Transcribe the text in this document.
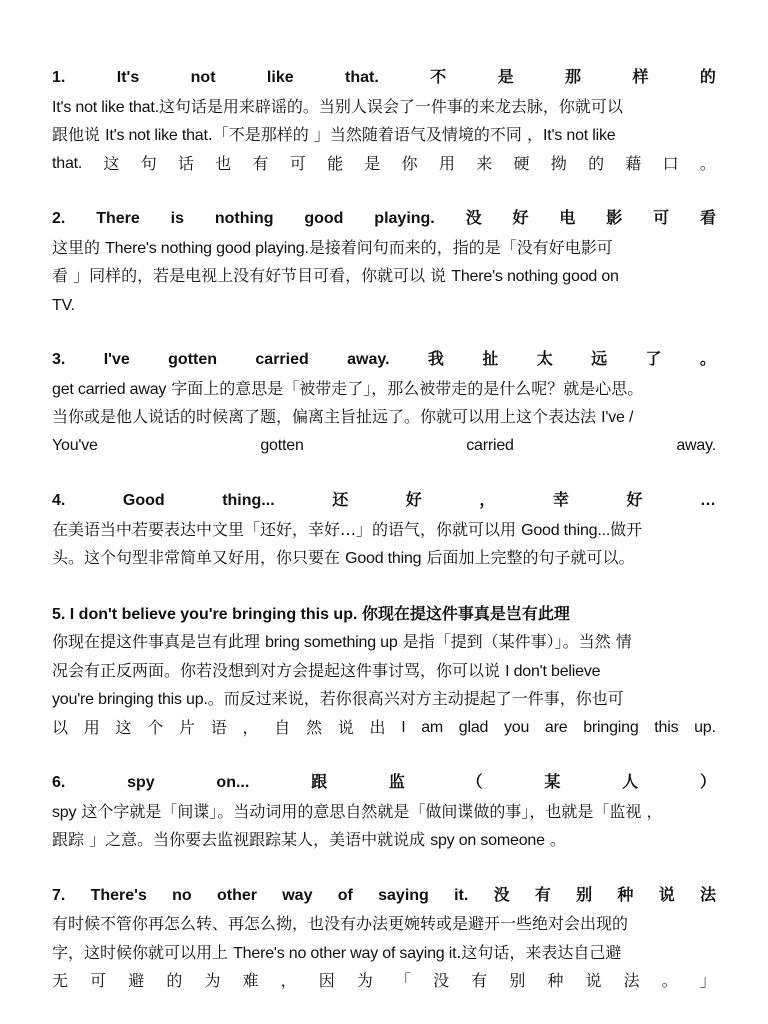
1.	It's	not	like	that.	不	是	那	样	的
It's not like that.这句话是用来辟谣的。当别人误会了一件事的来龙去脉，你就可以
跟他说 It's not like that.「不是那样的 」当然随着语气及情境的不同 ，It's not like
that. 这 句 话 也 有 可 能 是 你 用 来 硬 拗 的 藉 口 。
2. There is nothing good playing. 没 好 电 影 可 看
这里的 There's nothing good playing.是接着问句而来的，指的是「没有好电影可
看 」同样的，若是电视上没有好节目可看，你就可以 说 There's nothing good on
TV.
3. I've gotten carried away. 我 扯 太 远 了 。
get carried away 字面上的意思是「被带走了」，那么被带走的是什么呢？就是心思。
当你或是他人说话的时候离了题，偏离主旨扯远了。你就可以用上这个表达法 I've /
You've	gotten	carried	away.
4.	Good	thing...	还	好	，	幸	好	…
在美语当中若要表达中文里「还好，幸好…」的语气，你就可以用 Good thing...做开
头。这个句型非常简单又好用，你只要在 Good thing 后面加上完整的句子就可以。
5. I don't believe you're bringing this up. 你现在提这件事真是岂有此理
你现在提这件事真是岂有此理 bring something up 是指「提到（某件事）」。当然 情
况会有正反两面。你若没想到对方会提起这件事讨骂，你可以说 I don't believe
you're bringing this up.。而反过来说，若你很高兴对方主动提起了一件事，你也可
以 用 这 个 片 语 ， 自 然 说 出 I am glad you are bringing this up.
6.	spy	on...	跟	监	（	某	人	）
spy 这个字就是「间谍」。当动词用的意思自然就是「做间谍做的事」，也就是「监视 ，
跟踪 」之意。当你要去监视跟踪某人，美语中就说成 spy on someone 。
7. There's no other way of saying it. 没 有 别 种 说 法
有时候不管你再怎么转、再怎么拗，也没有办法更婉转或是避开一些绝对会出现的
字，这时候你就可以用上 There's no other way of saying it.这句话，来表达自己避
无 可 避 的 为 难 ， 因 为 「 没 有 别 种 说 法 。 」
